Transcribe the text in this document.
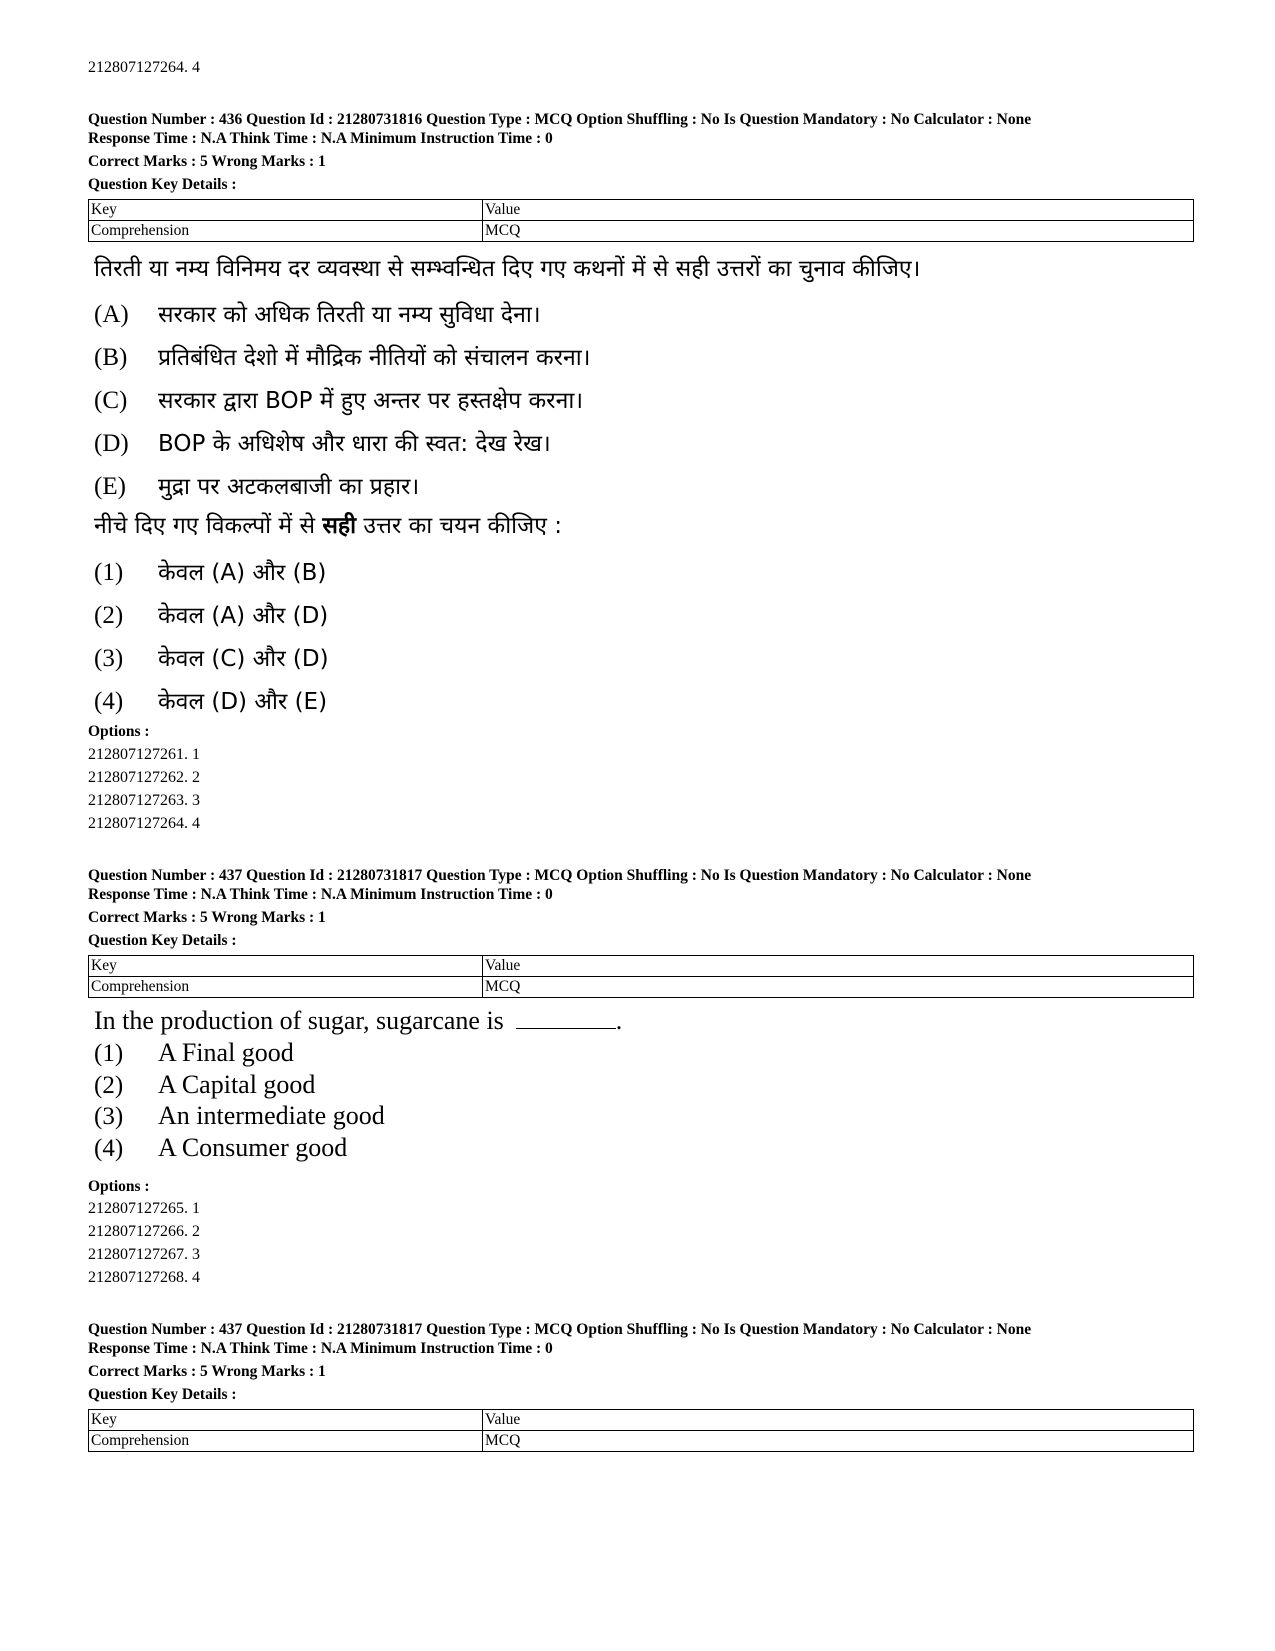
212807127264. 4
Question Number : 436 Question Id : 21280731816 Question Type : MCQ Option Shuffling : No Is Question Mandatory : No Calculator : None
Response Time : N.A Think Time : N.A Minimum Instruction Time : 0
Correct Marks : 5 Wrong Marks : 1
Question Key Details :
Key	Value
Comprehension	MCQ
तिरती या नम्य विनिमय दर व्यवस्था से सम्भ्वन्धित दिए गए कथनों में से सही उत्तरों का चुनाव कीजिए।
(A) सरकार को अधिक तिरती या नम्य सुविधा देना।
(B) प्रतिबंधित देशो में मौद्रिक नीतियों को संचालन करना।
(C) सरकार द्वारा BOP में हुए अन्तर पर हस्तक्षेप करना।
(D) BOP के अधिशेष और धारा की स्वत: देख रेख।
(E) मुद्रा पर अटकलबाजी का प्रहार।
नीचे दिए गए विकल्पों में से सही उत्तर का चयन कीजिए :
(1) केवल (A) और (B)
(2) केवल (A) और (D)
(3) केवल (C) और (D)
(4) केवल (D) और (E)
Options :
212807127261. 1
212807127262. 2
212807127263. 3
212807127264. 4
Question Number : 437 Question Id : 21280731817 Question Type : MCQ Option Shuffling : No Is Question Mandatory : No Calculator : None
Response Time : N.A Think Time : N.A Minimum Instruction Time : 0
Correct Marks : 5 Wrong Marks : 1
Question Key Details :
Key	Value
Comprehension	MCQ
In the production of sugar, sugarcane is	.
(1) A Final good
(2) A Capital good
(3) An intermediate good
(4) A Consumer good
Options :
212807127265. 1
212807127266. 2
212807127267. 3
212807127268. 4
Question Number : 437 Question Id : 21280731817 Question Type : MCQ Option Shuffling : No Is Question Mandatory : No Calculator : None
Response Time : N.A Think Time : N.A Minimum Instruction Time : 0
Correct Marks : 5 Wrong Marks : 1
Question Key Details :
Key	Value
Comprehension	MCQ
